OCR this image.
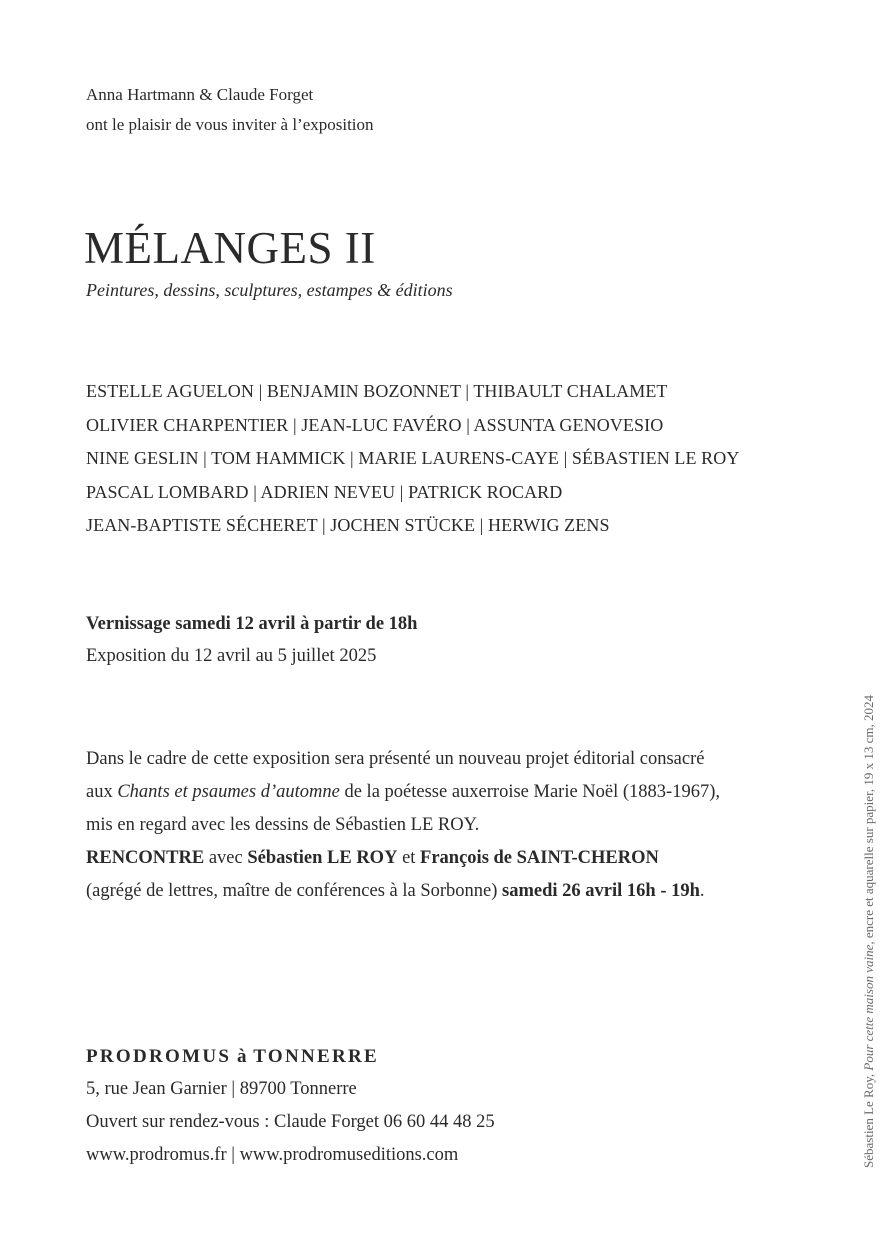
Anna Hartmann & Claude Forget
ont le plaisir de vous inviter à l’exposition
MÉLANGES II
Peintures, dessins, sculptures, estampes & éditions
ESTELLE AGUELON | BENJAMIN BOZONNET | THIBAULT CHALAMET
OLIVIER CHARPENTIER | JEAN-LUC FAVÉRO | ASSUNTA GENOVESIO
NINE GESLIN | TOM HAMMICK | MARIE LAURENS-CAYE | SÉBASTIEN LE ROY
PASCAL LOMBARD | ADRIEN NEVEU | PATRICK ROCARD
JEAN-BAPTISTE SÉCHERET | JOCHEN STÜCKE | HERWIG ZENS
Vernissage samedi 12 avril à partir de 18h
Exposition du 12 avril au 5 juillet 2025
Dans le cadre de cette exposition sera présenté un nouveau projet éditorial consacré
aux Chants et psaumes d’automne de la poétesse auxerroise Marie Noël (1883-1967),
mis en regard avec les dessins de Sébastien LE ROY.
RENCONTRE avec Sébastien LE ROY et François de SAINT-CHERON
(agrégé de lettres, maître de conférences à la Sorbonne) samedi 26 avril 16h - 19h.
PRODROMUS à TONNERRE
5, rue Jean Garnier | 89700 Tonnerre
Ouvert sur rendez-vous : Claude Forget 06 60 44 48 25
www.prodromus.fr | www.prodromuseditions.com	Sébastien Le Roy, Pour cette maison vaine, encre et aquarelle sur papier, 19 x 13 cm, 2024
